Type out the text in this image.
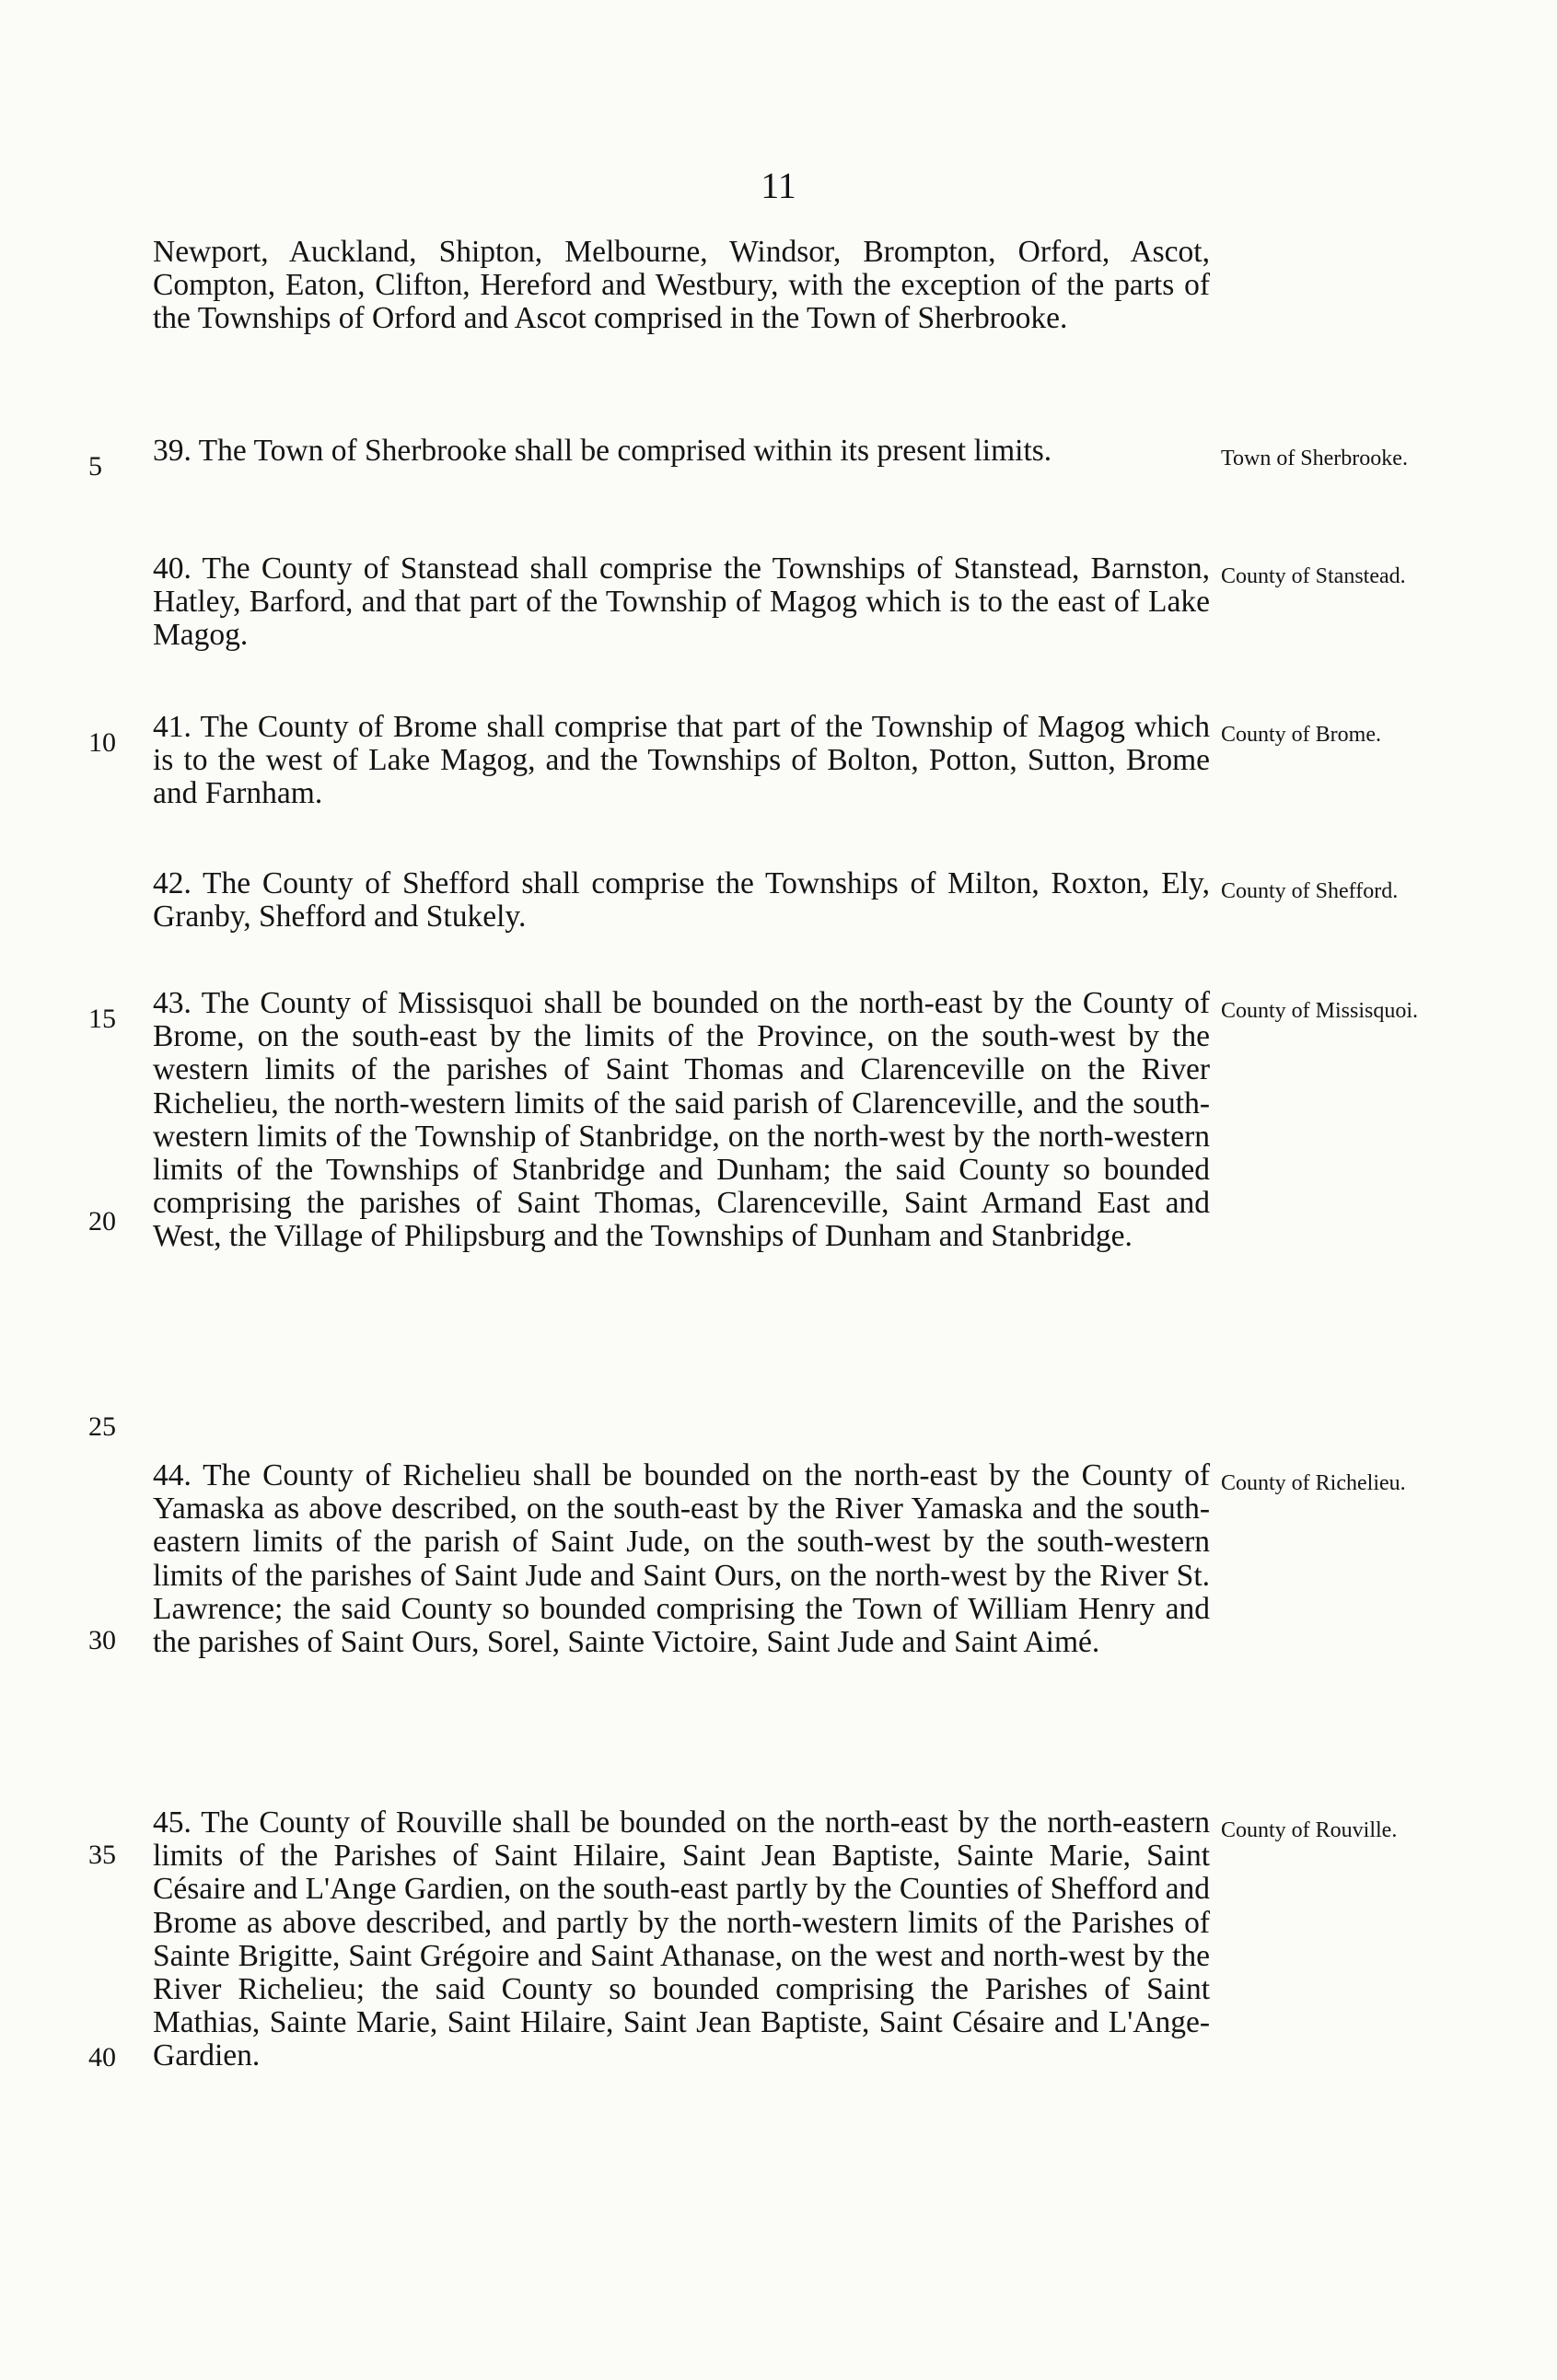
11
Newport, Auckland, Shipton, Melbourne, Windsor, Brompton, Orford, Ascot, Compton, Eaton, Clifton, Hereford and Westbury, with the exception of the parts of the Townships of Orford and Ascot comprised in the Town of Sherbrooke.
39. The Town of Sherbrooke shall be comprised within its present limits.	Town of Sherbrooke.
40. The County of Stanstead shall comprise the Townships of Stanstead, Barnston, Hatley, Barford, and that part of the Township of Magog which is to the east of Lake Magog.
County of Stanstead.
41. The County of Brome shall comprise that part of the Township of Magog which is to the west of Lake Magog, and the Townships of Bolton, Potton, Sutton, Brome and Farnham.
County of Brome.
42. The County of Shefford shall comprise the Townships of Milton, Roxton, Ely, Granby, Shefford and Stukely.
County of Shefford.
43. The County of Missisquoi shall be bounded on the north-east by the County of Brome, on the south-east by the limits of the Province, on the south-west by the western limits of the parishes of Saint Thomas and Clarenceville on the River Richelieu, the north-western limits of the said parish of Clarenceville, and the south-western limits of the Township of Stanbridge, on the north-west by the north-western limits of the Townships of Stanbridge and Dunham; the said County so bounded comprising the parishes of Saint Thomas, Clarenceville, Saint Armand East and West, the Village of Philipsburg and the Townships of Dunham and Stanbridge.
County of Missisquoi.
44. The County of Richelieu shall be bounded on the north-east by the County of Yamaska as above described, on the south-east by the River Yamaska and the south-eastern limits of the parish of Saint Jude, on the south-west by the south-western limits of the parishes of Saint Jude and Saint Ours, on the north-west by the River St. Lawrence; the said County so bounded comprising the Town of William Henry and the parishes of Saint Ours, Sorel, Sainte Victoire, Saint Jude and Saint Aimé.
County of Richelieu.
45. The County of Rouville shall be bounded on the north-east by the north-eastern limits of the Parishes of Saint Hilaire, Saint Jean Baptiste, Sainte Marie, Saint Césaire and L'Ange Gardien, on the south-east partly by the Counties of Shefford and Brome as above described, and partly by the north-western limits of the Parishes of Sainte Brigitte, Saint Grégoire and Saint Athanase, on the west and north-west by the River Richelieu; the said County so bounded comprising the Parishes of Saint Mathias, Sainte Marie, Saint Hilaire, Saint Jean Baptiste, Saint Césaire and L'Ange-Gardien.
County of Rouville.
5
10
15
20
25
30
35
40
